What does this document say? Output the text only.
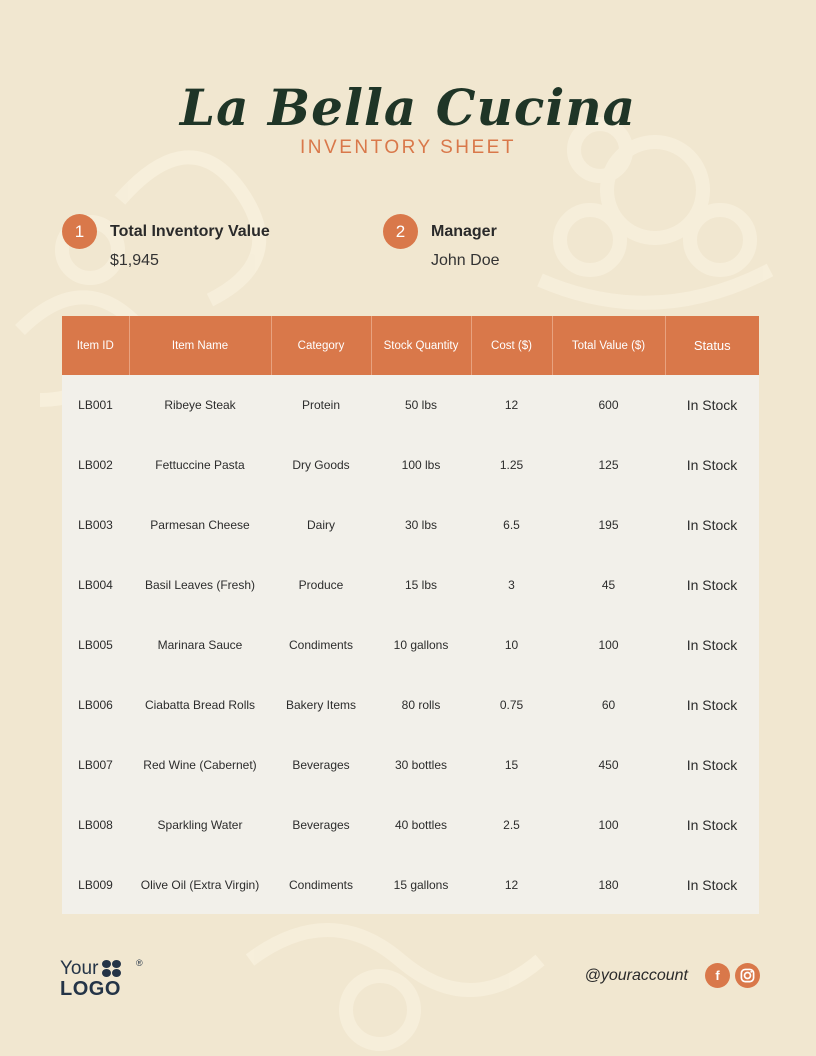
La Bella Cucina
INVENTORY SHEET
1	Total Inventory Value
$1,945
2	Manager
John Doe
Item ID	Item Name	Category	Stock Quantity	Cost ($)	Total Value ($)	Status
LB001	Ribeye Steak	Protein	50 lbs	12	600	In Stock
LB002	Fettuccine Pasta	Dry Goods	100 lbs	1.25	125	In Stock
LB003	Parmesan Cheese	Dairy	30 lbs	6.5	195	In Stock
LB004	Basil Leaves (Fresh)	Produce	15 lbs	3	45	In Stock
LB005	Marinara Sauce	Condiments	10 gallons	10	100	In Stock
LB006	Ciabatta Bread Rolls	Bakery Items	80 rolls	0.75	60	In Stock
LB007	Red Wine (Cabernet)	Beverages	30 bottles	15	450	In Stock
LB008	Sparkling Water	Beverages	40 bottles	2.5	100	In Stock
LB009	Olive Oil (Extra Virgin)	Condiments	15 gallons	12	180	In Stock
Your	®
LOGO
@youraccount	f
